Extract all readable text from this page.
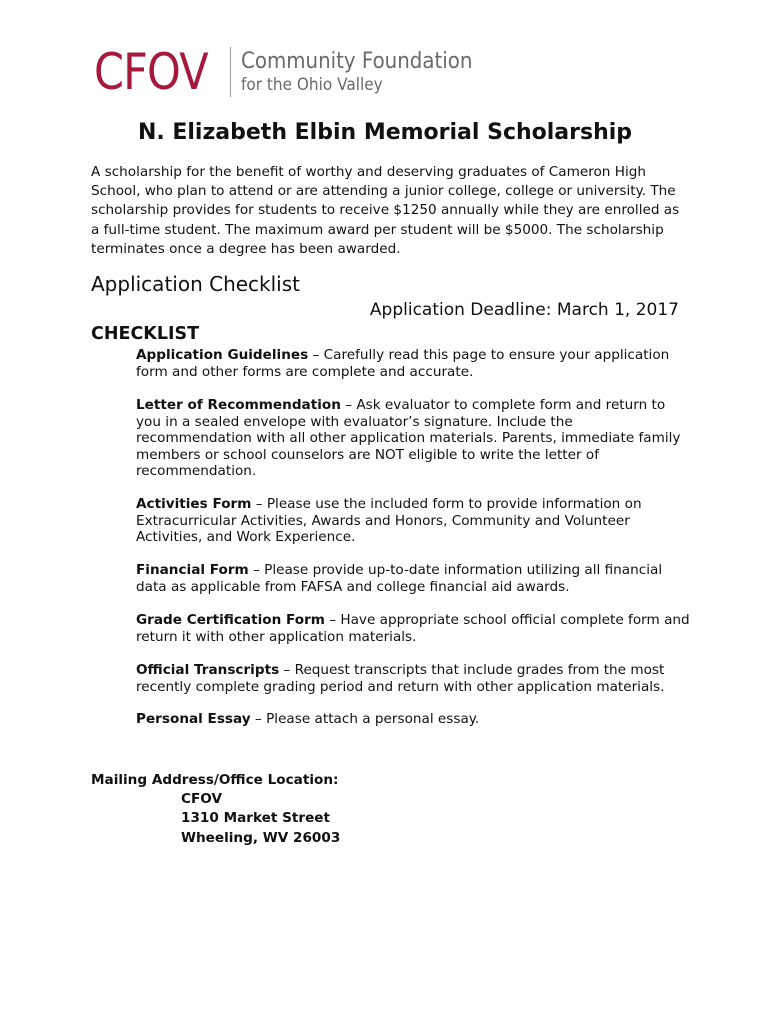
CFOV Community Foundation
for the Ohio Valley
N. Elizabeth Elbin Memorial Scholarship

A scholarship for the benefit of worthy and deserving graduates of Cameron High School, who plan to attend or are attending a junior college, college or university. The scholarship provides for students to receive $1250 annually while they are enrolled as a full-time student. The maximum award per student will be $5000. The scholarship terminates once a degree has been awarded.

Application Checklist
Application Deadline: March 1, 2017
CHECKLIST
Application Guidelines – Carefully read this page to ensure your application form and other forms are complete and accurate.
Letter of Recommendation – Ask evaluator to complete form and return to you in a sealed envelope with evaluator’s signature. Include the recommendation with all other application materials. Parents, immediate family members or school counselors are NOT eligible to write the letter of recommendation.
Activities Form – Please use the included form to provide information on Extracurricular Activities, Awards and Honors, Community and Volunteer Activities, and Work Experience.
Financial Form – Please provide up-to-date information utilizing all financial data as applicable from FAFSA and college financial aid awards.
Grade Certification Form – Have appropriate school official complete form and return it with other application materials.
Official Transcripts – Request transcripts that include grades from the most recently complete grading period and return with other application materials.
Personal Essay – Please attach a personal essay.
Mailing Address/Office Location:
CFOV
1310 Market Street
Wheeling, WV 26003
